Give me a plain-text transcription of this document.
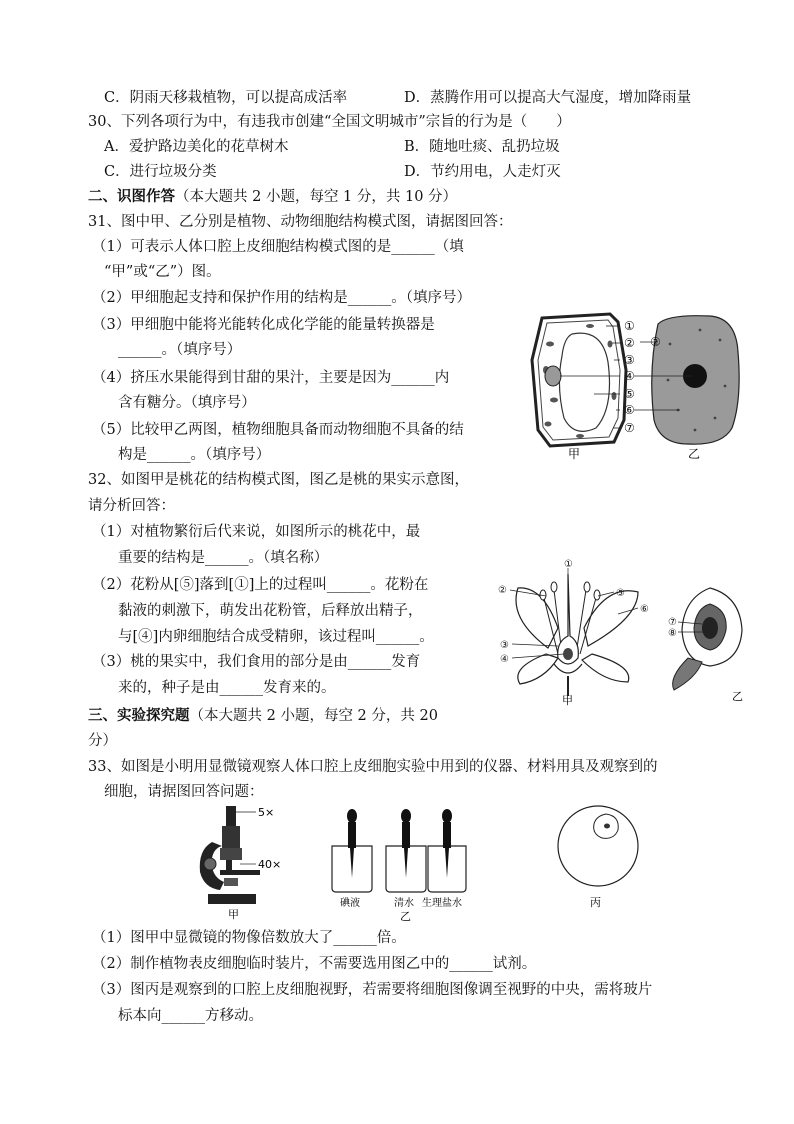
C．阴雨天移栽植物，可以提高成活率	D．蒸腾作用可以提高大气湿度，增加降雨量
30、下列各项行为中，有违我市创建“全国文明城市”宗旨的行为是（　　）
A．爱护路边美化的花草树木	B．随地吐痰、乱扔垃圾
C．进行垃圾分类	D．节约用电，人走灯灭
二、识图作答（本大题共 2 小题，每空 1 分，共 10 分）
31、图中甲、乙分别是植物、动物细胞结构模式图，请据图回答：
（1）可表示人体口腔上皮细胞结构模式图的是______（填
“甲”或“乙”）图。
（2）甲细胞起支持和保护作用的结构是______。（填序号）
（3）甲细胞中能将光能转化成化学能的能量转换器是
______。（填序号）
（4）挤压水果能得到甘甜的果汁，主要是因为______内
含有糖分。（填序号）
（5）比较甲乙两图，植物细胞具备而动物细胞不具备的结
构是______。（填序号）
①
②
③
④
⑤
⑥
⑦
②
甲	乙
32、如图甲是桃花的结构模式图，图乙是桃的果实示意图，
请分析回答：
（1）对植物繁衍后代来说，如图所示的桃花中，最
重要的结构是______。（填名称）
（2）花粉从[⑤]落到[①]上的过程叫______。花粉在
黏液的刺激下，萌发出花粉管，后释放出精子，
与[④]内卵细胞结合成受精卵，该过程叫______。
（3）桃的果实中，我们食用的部分是由______发育
来的，种子是由______发育来的。
①
②	⑤
⑥
③
④
甲
⑦
⑧
乙
三、实验探究题（本大题共 2 小题，每空 2 分，共 20
分）
33、如图是小明用显微镜观察人体口腔上皮细胞实验中用到的仪器、材料用具及观察到的
细胞，请据图回答问题：
5×
40×
甲
碘液	清水 生理盐水
乙
丙
（1）图甲中显微镜的物像倍数放大了______倍。
（2）制作植物表皮细胞临时装片，不需要选用图乙中的______试剂。
（3）图丙是观察到的口腔上皮细胞视野，若需要将细胞图像调至视野的中央，需将玻片
标本向______方移动。
